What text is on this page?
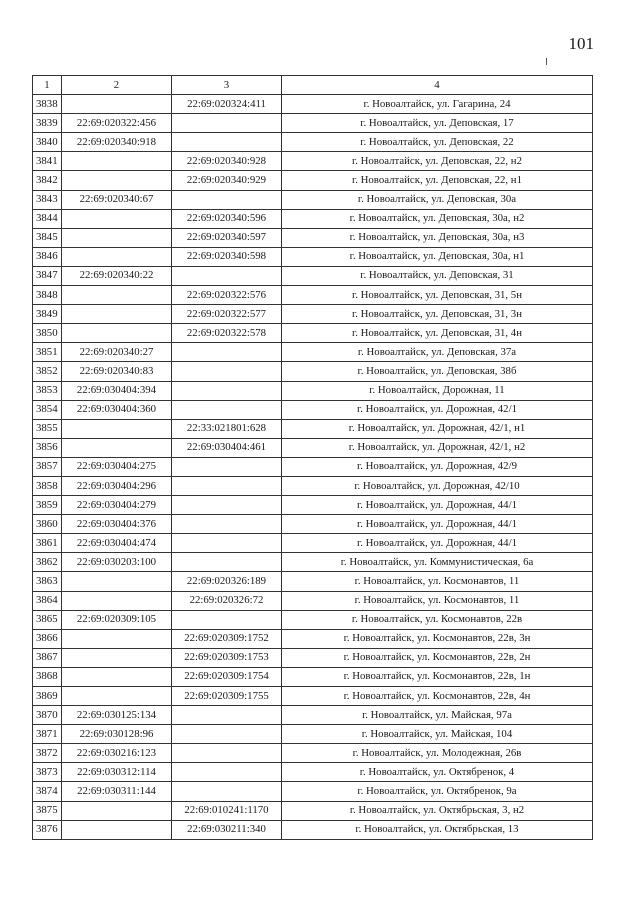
101
1	2	3	4
3838		22:69:020324:411	г. Новоалтайск, ул. Гагарина, 24
3839	22:69:020322:456		г. Новоалтайск, ул. Деповская, 17
3840	22:69:020340:918		г. Новоалтайск, ул. Деповская, 22
3841		22:69:020340:928	г. Новоалтайск, ул. Деповская, 22, н2
3842		22:69:020340:929	г. Новоалтайск, ул. Деповская, 22, н1
3843	22:69:020340:67		г. Новоалтайск, ул. Деповская, 30а
3844		22:69:020340:596	г. Новоалтайск, ул. Деповская, 30а, н2
3845		22:69:020340:597	г. Новоалтайск, ул. Деповская, 30а, н3
3846		22:69:020340:598	г. Новоалтайск, ул. Деповская, 30а, н1
3847	22:69:020340:22		г. Новоалтайск, ул. Деповская, 31
3848		22:69:020322:576	г. Новоалтайск, ул. Деповская, 31, 5н
3849		22:69:020322:577	г. Новоалтайск, ул. Деповская, 31, 3н
3850		22:69:020322:578	г. Новоалтайск, ул. Деповская, 31, 4н
3851	22:69:020340:27		г. Новоалтайск, ул. Деповская, 37а
3852	22:69:020340:83		г. Новоалтайск, ул. Деповская, 38б
3853	22:69:030404:394		г. Новоалтайск, Дорожная, 11
3854	22:69:030404:360		г. Новоалтайск, ул. Дорожная, 42/1
3855		22:33:021801:628	г. Новоалтайск, ул. Дорожная, 42/1, н1
3856		22:69:030404:461	г. Новоалтайск, ул. Дорожная, 42/1, н2
3857	22:69:030404:275		г. Новоалтайск, ул. Дорожная, 42/9
3858	22:69:030404:296		г. Новоалтайск, ул. Дорожная, 42/10
3859	22:69:030404:279		г. Новоалтайск, ул. Дорожная, 44/1
3860	22:69:030404:376		г. Новоалтайск, ул. Дорожная, 44/1
3861	22:69:030404:474		г. Новоалтайск, ул. Дорожная, 44/1
3862	22:69:030203:100		г. Новоалтайск, ул. Коммунистическая, 6а
3863		22:69:020326:189	г. Новоалтайск, ул. Космонавтов, 11
3864		22:69:020326:72	г. Новоалтайск, ул. Космонавтов, 11
3865	22:69:020309:105		г. Новоалтайск, ул. Космонавтов, 22в
3866		22:69:020309:1752	г. Новоалтайск, ул. Космонавтов, 22в, 3н
3867		22:69:020309:1753	г. Новоалтайск, ул. Космонавтов, 22в, 2н
3868		22:69:020309:1754	г. Новоалтайск, ул. Космонавтов, 22в, 1н
3869		22:69:020309:1755	г. Новоалтайск, ул. Космонавтов, 22в, 4н
3870	22:69:030125:134		г. Новоалтайск, ул. Майская, 97а
3871	22:69:030128:96		г. Новоалтайск, ул. Майская, 104
3872	22:69:030216:123		г. Новоалтайск, ул. Молодежная, 26в
3873	22:69:030312:114		г. Новоалтайск, ул. Октябренок, 4
3874	22:69:030311:144		г. Новоалтайск, ул. Октябренок, 9а
3875		22:69:010241:1170	г. Новоалтайск, ул. Октябрьская, 3, н2
3876		22:69:030211:340	г. Новоалтайск, ул. Октябрьская, 13
